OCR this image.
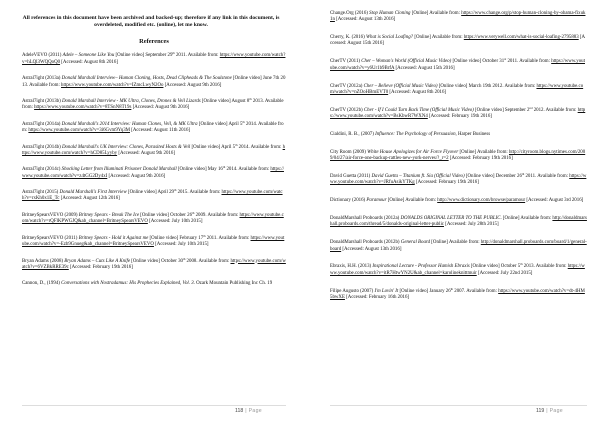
All references in this document have been archived and backed-up; therefore if any link in this document, is overdeleted, modified etc. (online), let me know.
References
AdeleVEVO (2011) Adele – Someone Like You [Online video] September 29th 2011. Available from: https://www.youtube.com/watch?v=hLQl3WQQoQ0 [Accessed: August 8th 2016]
Astral7ight (2013a) Donald Marshall Interview– Human Cloning, Hosts, Dead Clipheads & The Soulstone [Online video] June 7th 2013. Available from: https://www.youtube.com/watch?v=IZmcLwyN2Oo [Accessed: August 9th 2016]
Astral7ight (2013b) Donald Marshall Interview - MK Ultra, Clones, Drones & Veil Lizards [Online video] August 8th 2013. Available from: https://www.youtube.com/watch?v=8TSnN8T19s [Accessed: August 9th 2016]
Astral7ight (2014a) Donald Marshall's 2014 Interview: Human Clones, Veil, & MK Ultra [Online video] April 5th 2014. Available from: https://www.youtube.com/watch?v=3i6Gvm9Yq3M [Accessed: August 11th 2016]
Astral7ight (2014b) Donald Marshall's UK Interview: Clones, Parasited Hosts & Veil [Online video] April 5th 2014. Available from: https://www.youtube.com/watch?v=hCD85Lyyby [Accessed: August 9th 2016]
Astral7ight (2014c) Shocking Letter from Illuminati Prisoner Donald Marshall [Online video] May 16th 2014. Available from: https://www.youtube.com/watch?v=z4tGG2Dy4xI [Accessed: August 9th 2016]
Astral7ight (2015) Donald Marshall's First Interview [Online video] April 29th 2015. Available from: https://www.youtube.com/watch?v=rxKh0x1E_Tc [Accessed: August 12th 2016]
BritneySpearsVEVO (2009) Britney Spears - Break The Ice [Online video] October 26th 2009. Available from: https://www.youtube.com/watch?v=rQFlKPWGJQ&ab_channel=BritneySpearsVEVO [Accessed: July 10th 2015]
BritneySpearsVEVO (2011) Britney Spears - Hold it Against me [Online video] February 17th 2011. Available from: https://www.youtube.com/watch?v=-Ezb9Gnueg&ab_channel=BritneySpearsVEVO [Accessed: July 10th 2015]
Bryan Adams (2008) Bryan Adams – Cuts Like A Knife [Online video] October 30th 2008. Available from: https://www.youtube.com/watch?v=6VZBkRRE39c [Accessed: February 19th 2016]
Cannon, D., (1994) Conversations with Nostradamus: His Prophecies Explained, Vol. 3. Ozark Mountain Publishing Inc Ch. 19
118 | Page
Change.Org (2016) Stop Human Cloning [Online] Available from: https://www.change.org/p/stop-human-cloning-by-obama-fixuk1n [Accessed: August 13th 2016]
Cherry, K. (2016) What is Social Loafing? [Online] Available from: https://www.verywell.com/what-is-social-loafing-2795883 [Accessed: August 15th 2016]
CherTV (2011) Cher – Woman's World (Official Music Video) [Online video] October 31st 2011. Available from: https://www.youtube.com/watch?v=y6Ur1b9BrfA [Accessed: August 15th 2016]
CherTV (2012a) Cher – Believe (Official Music Video) [Online video] March 19th 2012. Available from: https://www.youtube.com/watch?v=nZOoHBmEVT0 [Accessed: August 8th 2016]
CherTV (2012b) Cher - If I Could Turn Back Time (Official Music Video) [Online video] September 2nd 2012. Available from: https://www.youtube.com/watch?v=BsKbwR7WXN4 [Accessed: February 19th 2016]
Cialdini, R. B., (2007) Influence: The Psychology of Persuasion, Harper Business
City Room (2009) White House Apologizes for Air Force Flyover [Online] Available from: http://cityroom.blogs.nytimes.com/2009/04/27/air-force-one-backup-rattles-new-york-nerves/?_r=2 [Accessed: February 19th 2016]
David Guetta (2011) David Guetta – Titanium ft. Sia (Official Video) [Online video] December 26th 2011. Available from: https://www.youtube.com/watch?v=JRfuAsikYTKg [Accessed: February 19th 2016]
Dictionary (2016) Paramour [Online] Available from: http://www.dictionary.com/browse/paramour [Accessed: August 3rd 2016]
DonaldMarshall Proboards (2012a) DONALDS ORIGINAL LETTER TO THE PUBLIC. [Online] Available from: http://donaldmarshall.proboards.com/thread/5/donalds-original-letter-public [Accessed: July 28th 2015]
DonaldMarshall Proboards (2012b) General Board [Online] Available from: http://donaldmarshall.proboards.com/board/1/general-board [Accessed: August 13th 2016]
Ebraxis, H.H. (2013) Inspirational Lecture - Professor Hamish Ebraxis [Online video] October 5th 2013. Available from: https://www.youtube.com/watch?v=itR7HtwYN2U&ab_channel=karolineknittmuir [Accessed: July 22nd 2015]
Filipe Augusto (2007) I'm Lovin' It [Online video] January 26th 2007. Available from: https://www.youtube.com/watch?v=dt-4HM5bwXE [Accessed: February 16th 2016]
119 | Page
